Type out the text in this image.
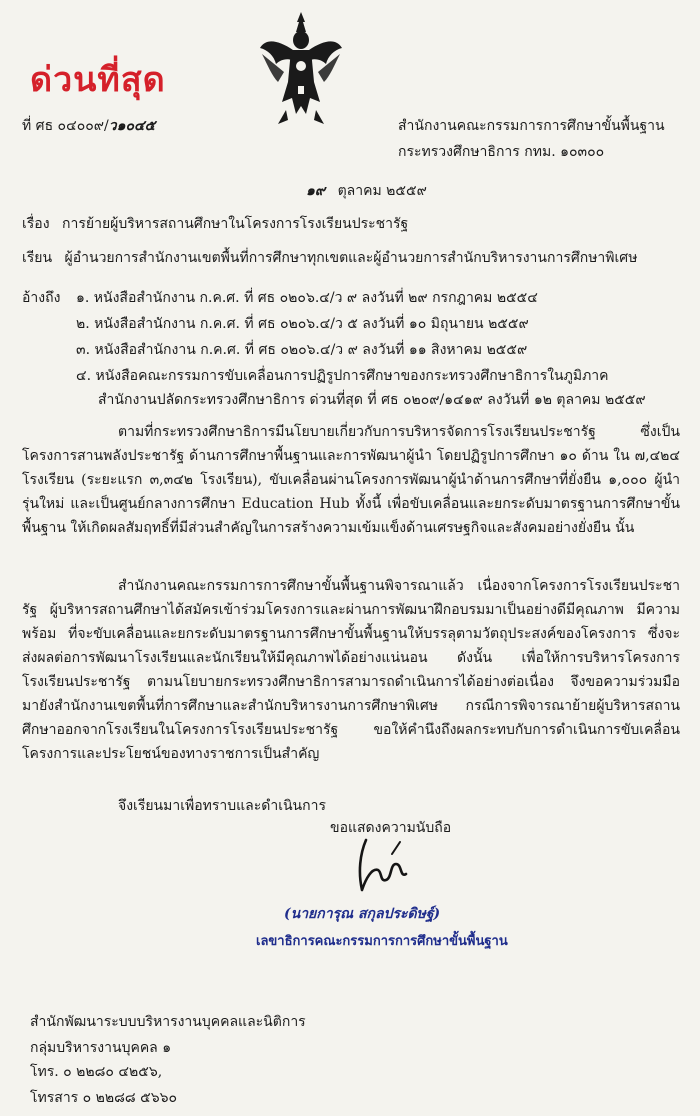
ด่วนที่สุด
ที่ ศธ ๐๔๐๐๙/ว๑๐๔๕	สำนักงานคณะกรรมการการศึกษาขั้นพื้นฐาน
กระทรวงศึกษาธิการ กทม. ๑๐๓๐๐
๑๙ ตุลาคม ๒๕๕๙
เรื่อง การย้ายผู้บริหารสถานศึกษาในโครงการโรงเรียนประชารัฐ
เรียน ผู้อำนวยการสำนักงานเขตพื้นที่การศึกษาทุกเขตและผู้อำนวยการสำนักบริหารงานการศึกษาพิเศษ
อ้างถึง ๑. หนังสือสำนักงาน ก.ค.ศ. ที่ ศธ ๐๒๐๖.๔/ว ๙ ลงวันที่ ๒๙ กรกฎาคม ๒๕๕๔
๒. หนังสือสำนักงาน ก.ค.ศ. ที่ ศธ ๐๒๐๖.๔/ว ๕ ลงวันที่ ๑๐ มิถุนายน ๒๕๕๙
๓. หนังสือสำนักงาน ก.ค.ศ. ที่ ศธ ๐๒๐๖.๔/ว ๙ ลงวันที่ ๑๑ สิงหาคม ๒๕๕๙
๔. หนังสือคณะกรรมการขับเคลื่อนการปฏิรูปการศึกษาของกระทรวงศึกษาธิการในภูมิภาค
สำนักงานปลัดกระทรวงศึกษาธิการ ด่วนที่สุด ที่ ศธ ๐๒๐๙/๑๔๑๙ ลงวันที่ ๑๒ ตุลาคม ๒๕๕๙

ตามที่กระทรวงศึกษาธิการมีนโยบายเกี่ยวกับการบริหารจัดการโรงเรียนประชารัฐ ซึ่งเป็นโครงการสานพลังประชารัฐ ด้านการศึกษาพื้นฐานและการพัฒนาผู้นำ โดยปฏิรูปการศึกษา ๑๐ ด้าน ใน ๗,๔๒๔ โรงเรียน (ระยะแรก ๓,๓๔๒ โรงเรียน), ขับเคลื่อนผ่านโครงการพัฒนาผู้นำด้านการศึกษาที่ยั่งยืน ๑,๐๐๐ ผู้นำรุ่นใหม่ และเป็นศูนย์กลางการศึกษา Education Hub ทั้งนี้ เพื่อขับเคลื่อนและยกระดับมาตรฐานการศึกษาขั้นพื้นฐาน ให้เกิดผลสัมฤทธิ์ที่มีส่วนสำคัญในการสร้างความเข้มแข็งด้านเศรษฐกิจและสังคมอย่างยั่งยืน นั้น

สำนักงานคณะกรรมการการศึกษาขั้นพื้นฐานพิจารณาแล้ว เนื่องจากโครงการโรงเรียนประชารัฐ ผู้บริหารสถานศึกษาได้สมัครเข้าร่วมโครงการและผ่านการพัฒนาฝึกอบรมมาเป็นอย่างดีมีคุณภาพ มีความพร้อม ที่จะขับเคลื่อนและยกระดับมาตรฐานการศึกษาขั้นพื้นฐานให้บรรลุตามวัตถุประสงค์ของโครงการ ซึ่งจะส่งผลต่อการพัฒนาโรงเรียนและนักเรียนให้มีคุณภาพได้อย่างแน่นอน ดังนั้น เพื่อให้การบริหารโครงการโรงเรียนประชารัฐ ตามนโยบายกระทรวงศึกษาธิการสามารถดำเนินการได้อย่างต่อเนื่อง จึงขอความร่วมมือมายังสำนักงานเขตพื้นที่การศึกษาและสำนักบริหารงานการศึกษาพิเศษ กรณีการพิจารณาย้ายผู้บริหารสถานศึกษาออกจากโรงเรียนในโครงการโรงเรียนประชารัฐ ขอให้คำนึงถึงผลกระทบกับการดำเนินการขับเคลื่อนโครงการและประโยชน์ของทางราชการเป็นสำคัญ

จึงเรียนมาเพื่อทราบและดำเนินการ
ขอแสดงความนับถือ
(นายการุณ สกุลประดิษฐ์)
เลขาธิการคณะกรรมการการศึกษาขั้นพื้นฐาน
สำนักพัฒนาระบบบริหารงานบุคคลและนิติการ
กลุ่มบริหารงานบุคคล ๑
โทร. ๐ ๒๒๘๐ ๔๒๕๖,
โทรสาร ๐ ๒๒๘๘ ๕๖๖๐
